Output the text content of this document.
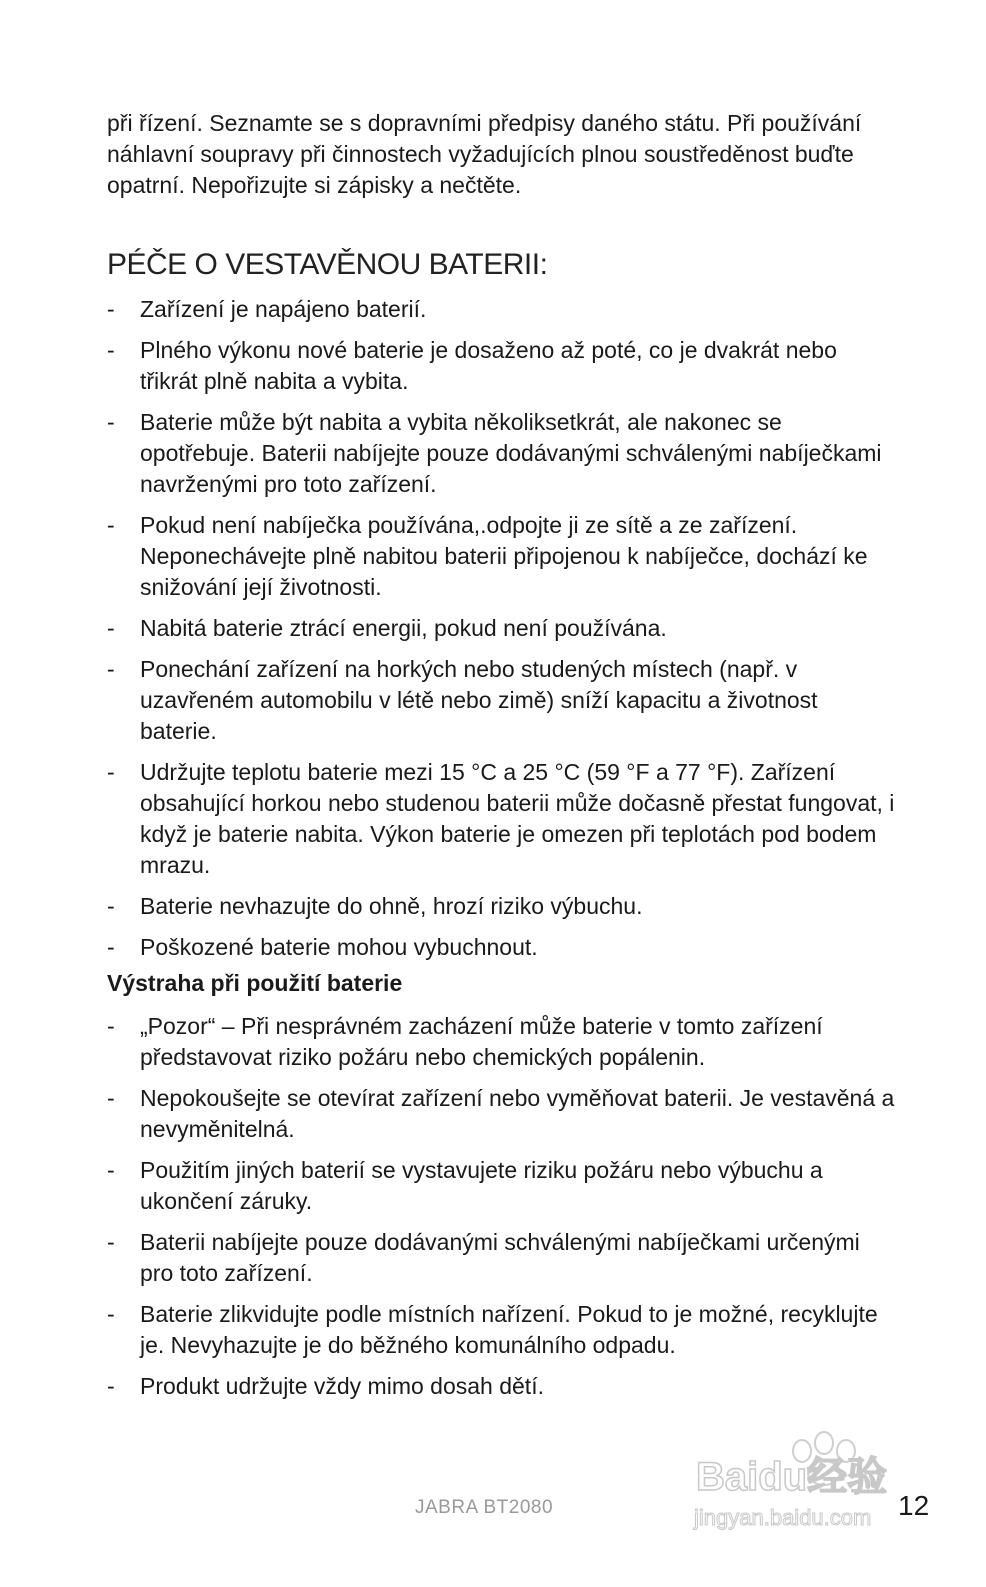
při řízení. Seznamte se s dopravními předpisy daného státu. Při používání náhlavní soupravy při činnostech vyžadujících plnou soustředěnost buďte opatrní. Nepořizujte si zápisky a nečtěte.

PÉČE O VESTAVĚNOU BATERII:
- Zařízení je napájeno baterií.
- Plného výkonu nové baterie je dosaženo až poté, co je dvakrát nebo třikrát plně nabita a vybita.
- Baterie může být nabita a vybita několiksetkrát, ale nakonec se opotřebuje. Baterii nabíjejte pouze dodávanými schválenými nabíječkami navrženými pro toto zařízení.
- Pokud není nabíječka používána,.odpojte ji ze sítě a ze zařízení. Neponechávejte plně nabitou baterii připojenou k nabíječce, dochází ke snižování její životnosti.
- Nabitá baterie ztrácí energii, pokud není používána.
- Ponechání zařízení na horkých nebo studených místech (např. v uzavřeném automobilu v létě nebo zimě) sníží kapacitu a životnost baterie.
- Udržujte teplotu baterie mezi 15 °C a 25 °C (59 °F a 77 °F). Zařízení obsahující horkou nebo studenou baterii může dočasně přestat fungovat, i když je baterie nabita. Výkon baterie je omezen při teplotách pod bodem mrazu.
- Baterie nevhazujte do ohně, hrozí riziko výbuchu.
- Poškozené baterie mohou vybuchnout.
Výstraha při použití baterie
- „Pozor“ – Při nesprávném zacházení může baterie v tomto zařízení představovat riziko požáru nebo chemických popálenin.
- Nepokoušejte se otevírat zařízení nebo vyměňovat baterii. Je vestavěná a nevyměnitelná.
- Použitím jiných baterií se vystavujete riziku požáru nebo výbuchu a ukončení záruky.
- Baterii nabíjejte pouze dodávanými schválenými nabíječkami určenými pro toto zařízení.
- Baterie zlikvidujte podle místních nařízení. Pokud to je možné, recyklujte je. Nevyhazujte je do běžného komunálního odpadu.
- Produkt udržujte vždy mimo dosah dětí.
Baidu经验
jingyan.baidu.com
JABRA BT2080	12
